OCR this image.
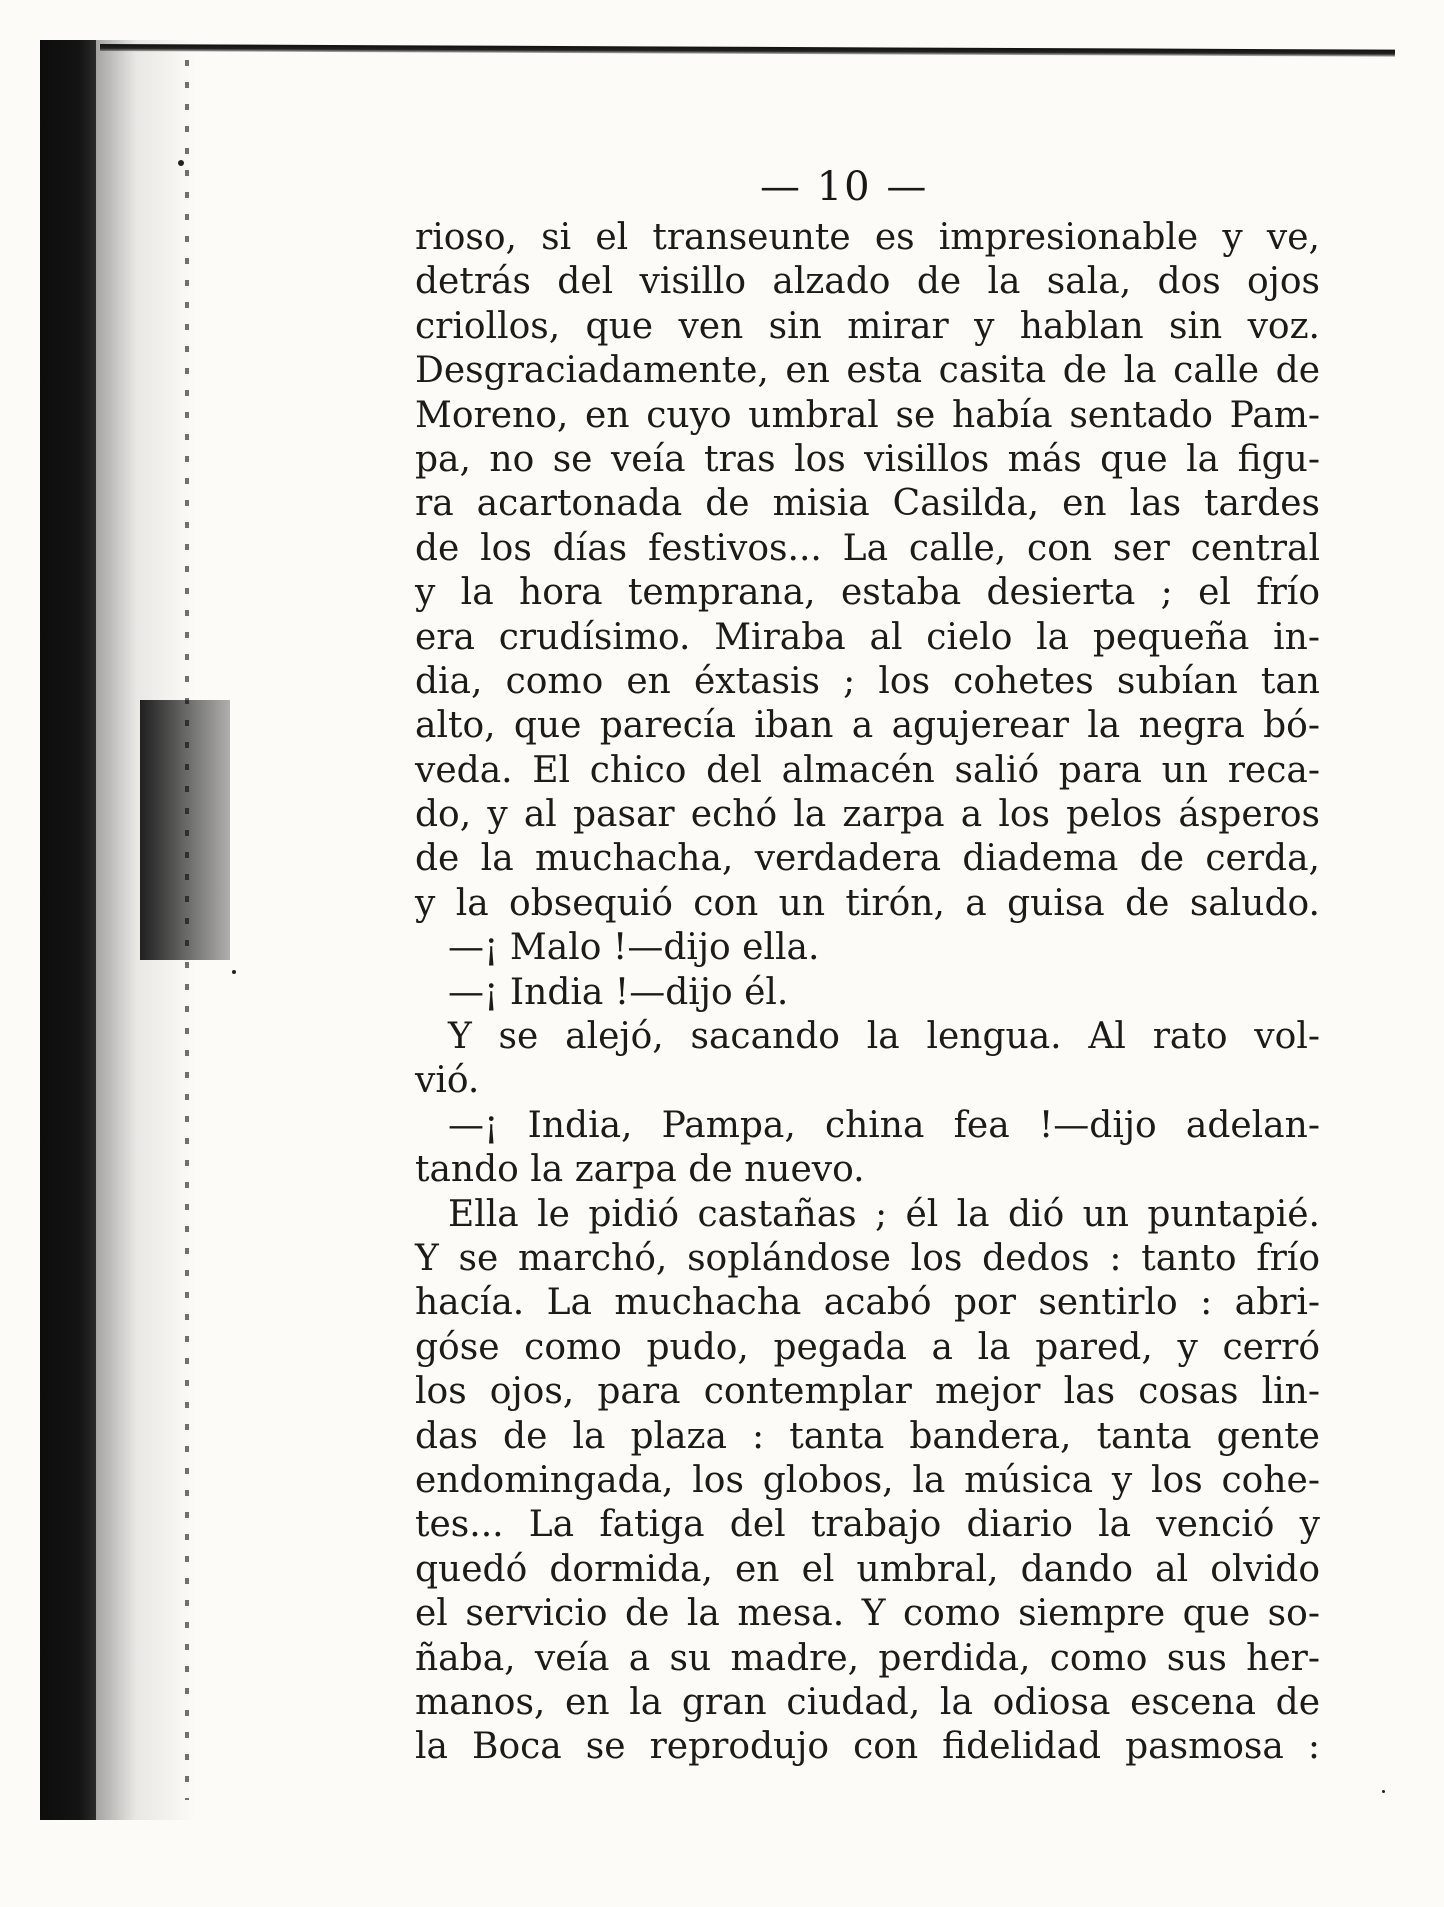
— 10 —
rioso, si el transeunte es impresionable y ve,
detrás del visillo alzado de la sala, dos ojos
criollos, que ven sin mirar y hablan sin voz.
Desgraciadamente, en esta casita de la calle de
Moreno, en cuyo umbral se había sentado Pam-
pa, no se veía tras los visillos más que la figu-
ra acartonada de misia Casilda, en las tardes
de los días festivos... La calle, con ser central
y la hora temprana, estaba desierta ; el frío
era crudísimo. Miraba al cielo la pequeña in-
dia, como en éxtasis ; los cohetes subían tan
alto, que parecía iban a agujerear la negra bó-
veda. El chico del almacén salió para un reca-
do, y al pasar echó la zarpa a los pelos ásperos
de la muchacha, verdadera diadema de cerda,
y la obsequió con un tirón, a guisa de saludo.
—¡ Malo !—dijo ella.
—¡ India !—dijo él.
Y se alejó, sacando la lengua. Al rato vol-
vió.
—¡ India, Pampa, china fea !—dijo adelan-
tando la zarpa de nuevo.
Ella le pidió castañas ; él la dió un puntapié.
Y se marchó, soplándose los dedos : tanto frío
hacía. La muchacha acabó por sentirlo : abri-
góse como pudo, pegada a la pared, y cerró
los ojos, para contemplar mejor las cosas lin-
das de la plaza : tanta bandera, tanta gente
endomingada, los globos, la música y los cohe-
tes... La fatiga del trabajo diario la venció y
quedó dormida, en el umbral, dando al olvido
el servicio de la mesa. Y como siempre que so-
ñaba, veía a su madre, perdida, como sus her-
manos, en la gran ciudad, la odiosa escena de
la Boca se reprodujo con fidelidad pasmosa :
